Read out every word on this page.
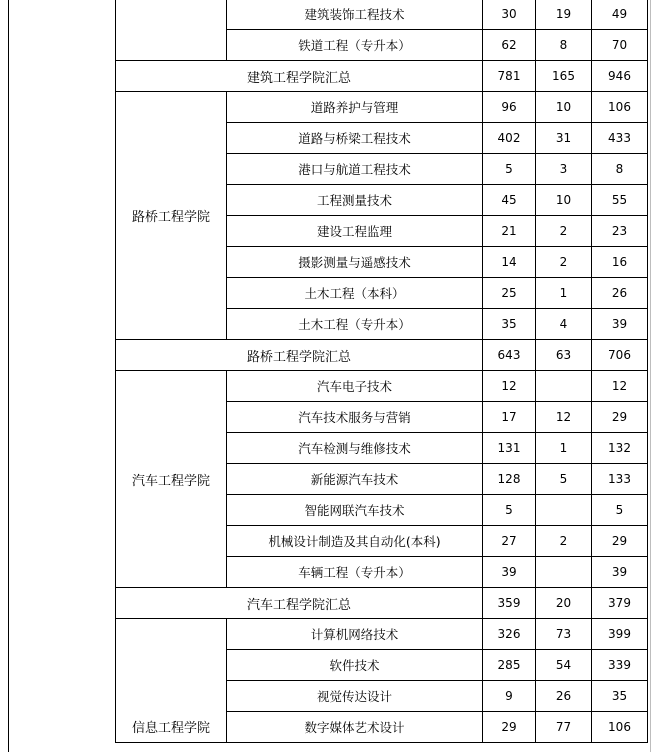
	建筑装饰工程技术	30	19	49
	铁道工程（专升本）	62	8	70
建筑工程学院汇总		781	165	946
路桥工程学院	道路养护与管理	96	10	106
	道路与桥梁工程技术	402	31	433
	港口与航道工程技术	5	3	8
	工程测量技术	45	10	55
	建设工程监理	21	2	23
	摄影测量与遥感技术	14	2	16
	土木工程（本科）	25	1	26
	土木工程（专升本）	35	4	39
路桥工程学院汇总		643	63	706
汽车工程学院	汽车电子技术	12		12
	汽车技术服务与营销	17	12	29
	汽车检测与维修技术	131	1	132
	新能源汽车技术	128	5	133
	智能网联汽车技术	5		5
	机械设计制造及其自动化(本科)	27	2	29
	车辆工程（专升本）	39		39
汽车工程学院汇总		359	20	379
信息工程学院	计算机网络技术	326	73	399
	软件技术	285	54	339
	视觉传达设计	9	26	35
	数字媒体艺术设计	29	77	106
